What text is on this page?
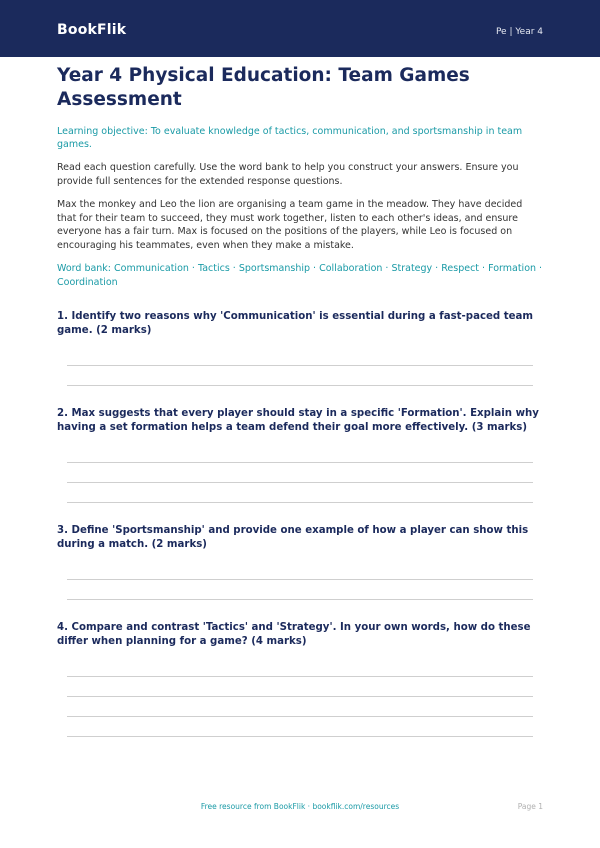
BookFlik	Pe | Year 4
Year 4 Physical Education: Team Games Assessment
Learning objective: To evaluate knowledge of tactics, communication, and sportsmanship in team games.
Read each question carefully. Use the word bank to help you construct your answers. Ensure you provide full sentences for the extended response questions.
Max the monkey and Leo the lion are organising a team game in the meadow. They have decided that for their team to succeed, they must work together, listen to each other's ideas, and ensure everyone has a fair turn. Max is focused on the positions of the players, while Leo is focused on encouraging his teammates, even when they make a mistake.
Word bank: Communication · Tactics · Sportsmanship · Collaboration · Strategy · Respect · Formation · Coordination
1. Identify two reasons why 'Communication' is essential during a fast-paced team game. (2 marks)
2. Max suggests that every player should stay in a specific 'Formation'. Explain why having a set formation helps a team defend their goal more effectively. (3 marks)
3. Define 'Sportsmanship' and provide one example of how a player can show this during a match. (2 marks)
4. Compare and contrast 'Tactics' and 'Strategy'. In your own words, how do these differ when planning for a game? (4 marks)
Free resource from BookFlik · bookflik.com/resources	Page 1
